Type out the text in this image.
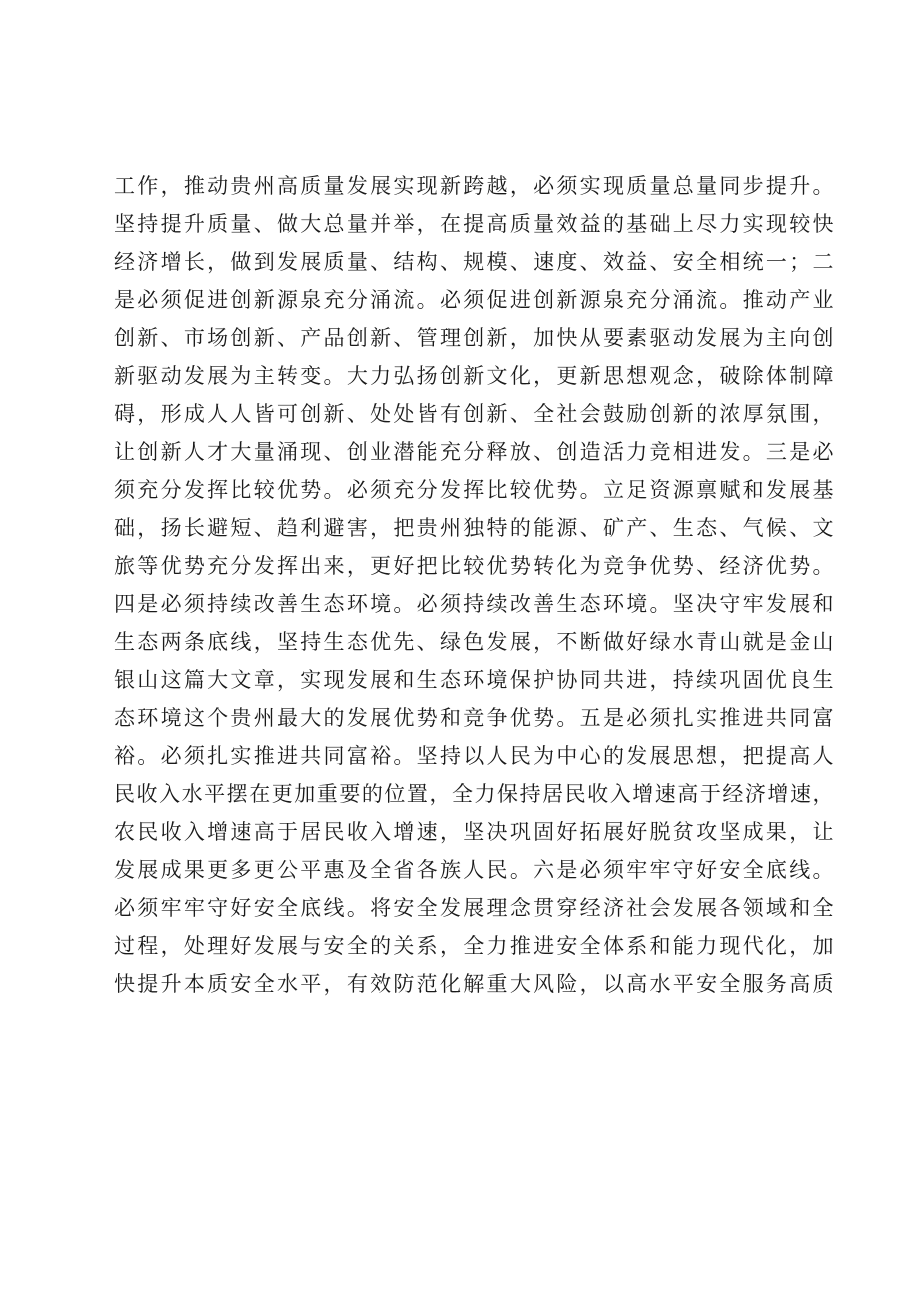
工作，推动贵州高质量发展实现新跨越，必须实现质量总量同步提升。
坚持提升质量、做大总量并举，在提高质量效益的基础上尽力实现较快
经济增长，做到发展质量、结构、规模、速度、效益、安全相统一；二
是必须促进创新源泉充分涌流。必须促进创新源泉充分涌流。推动产业
创新、市场创新、产品创新、管理创新，加快从要素驱动发展为主向创
新驱动发展为主转变。大力弘扬创新文化，更新思想观念，破除体制障
碍，形成人人皆可创新、处处皆有创新、全社会鼓励创新的浓厚氛围，
让创新人才大量涌现、创业潜能充分释放、创造活力竞相进发。三是必
须充分发挥比较优势。必须充分发挥比较优势。立足资源禀赋和发展基
础，扬长避短、趋利避害，把贵州独特的能源、矿产、生态、气候、文
旅等优势充分发挥出来，更好把比较优势转化为竞争优势、经济优势。
四是必须持续改善生态环境。必须持续改善生态环境。坚决守牢发展和
生态两条底线，坚持生态优先、绿色发展，不断做好绿水青山就是金山
银山这篇大文章，实现发展和生态环境保护协同共进，持续巩固优良生
态环境这个贵州最大的发展优势和竞争优势。五是必须扎实推进共同富
裕。必须扎实推进共同富裕。坚持以人民为中心的发展思想，把提高人
民收入水平摆在更加重要的位置，全力保持居民收入增速高于经济增速，
农民收入增速高于居民收入增速，坚决巩固好拓展好脱贫攻坚成果，让
发展成果更多更公平惠及全省各族人民。六是必须牢牢守好安全底线。
必须牢牢守好安全底线。将安全发展理念贯穿经济社会发展各领域和全
过程，处理好发展与安全的关系，全力推进安全体系和能力现代化，加
快提升本质安全水平，有效防范化解重大风险，以高水平安全服务高质
